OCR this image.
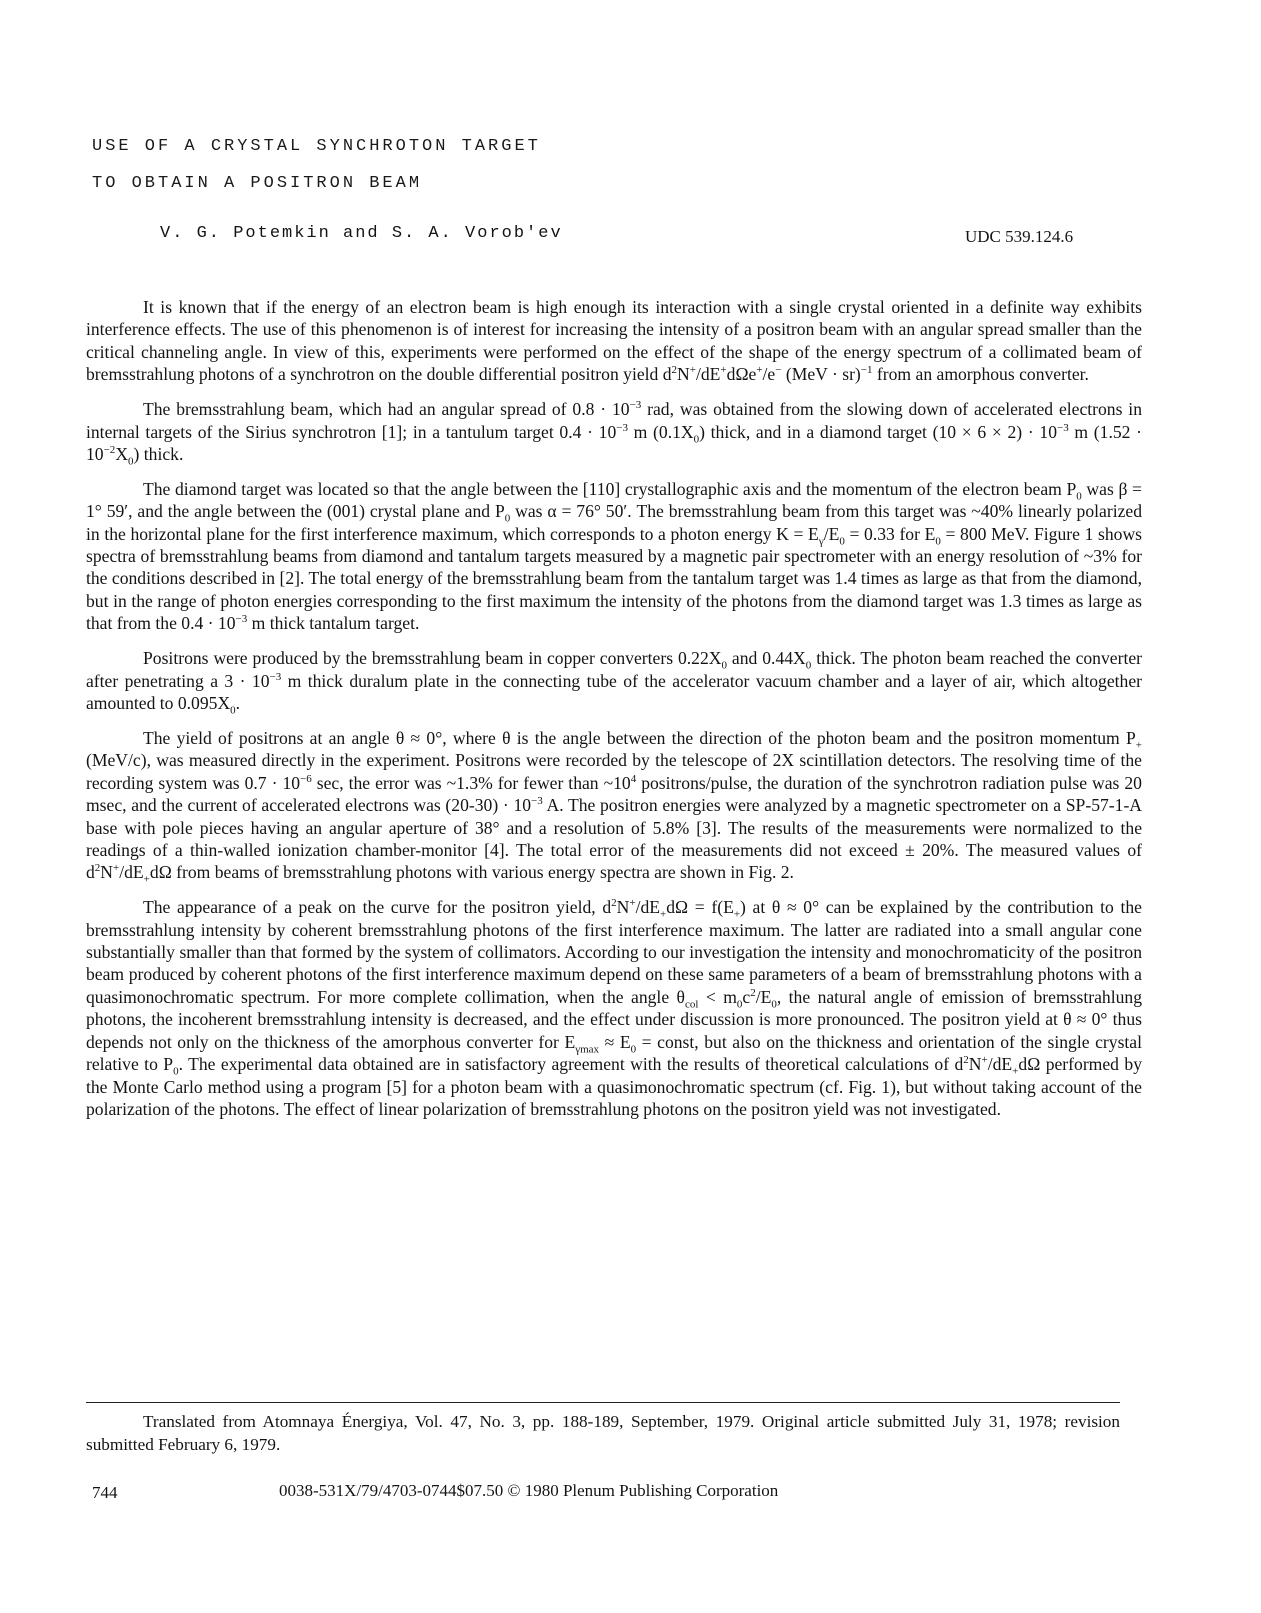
USE OF A CRYSTAL SYNCHROTON TARGET
TO OBTAIN A POSITRON BEAM
V. G. Potemkin and S. A. Vorob'ev	UDC 539.124.6

It is known that if the energy of an electron beam is high enough its interaction with a single crystal oriented in a definite way exhibits interference effects. The use of this phenomenon is of interest for increasing the intensity of a positron beam with an angular spread smaller than the critical channeling angle. In view of this, experiments were performed on the effect of the shape of the energy spectrum of a collimated beam of bremsstrahlung photons of a synchrotron on the double differential positron yield $d^2N^+/dE^+d\Omega e^+/e^-$ (MeV · sr)$^{-1}$ from an amorphous converter.

The bremsstrahlung beam, which had an angular spread of $0.8 \cdot 10^{-3}$ rad, was obtained from the slowing down of accelerated electrons in internal targets of the Sirius synchrotron [1]; in a tantulum target $0.4 \cdot 10^{-3}$ m $(0.1X_0)$ thick, and in a diamond target $(10 \times 6 \times 2) \cdot 10^{-3}$ m $(1.52 \cdot 10^{-2}X_0)$ thick.

The diamond target was located so that the angle between the [110] crystallographic axis and the momentum of the electron beam $P_0$ was β = 1° 59′, and the angle between the (001) crystal plane and $P_0$ was α = 76° 50′. The bremsstrahlung beam from this target was ~40% linearly polarized in the horizontal plane for the first interference maximum, which corresponds to a photon energy $K = E_\gamma/E_0 = 0.33$ for $E_0 = 800$ MeV. Figure 1 shows spectra of bremsstrahlung beams from diamond and tantalum targets measured by a magnetic pair spectrometer with an energy resolution of ~3% for the conditions described in [2]. The total energy of the bremsstrahlung beam from the tantalum target was 1.4 times as large as that from the diamond, but in the range of photon energies corresponding to the first maximum the intensity of the photons from the diamond target was 1.3 times as large as that from the $0.4 \cdot 10^{-3}$ m thick tantalum target.

Positrons were produced by the bremsstrahlung beam in copper converters $0.22X_0$ and $0.44X_0$ thick. The photon beam reached the converter after penetrating a $3 \cdot 10^{-3}$ m thick duralum plate in the connecting tube of the accelerator vacuum chamber and a layer of air, which altogether amounted to $0.095X_0$.

The yield of positrons at an angle θ ≈ 0°, where θ is the angle between the direction of the photon beam and the positron momentum $P_+$ (MeV/c), was measured directly in the experiment. Positrons were recorded by the telescope of 2X scintillation detectors. The resolving time of the recording system was $0.7 \cdot 10^{-6}$ sec, the error was ~1.3% for fewer than $\sim 10^4$ positrons/pulse, the duration of the synchrotron radiation pulse was 20 msec, and the current of accelerated electrons was $(20-30) \cdot 10^{-3}$ A. The positron energies were analyzed by a magnetic spectrometer on a SP-57-1-A base with pole pieces having an angular aperture of 38° and a resolution of 5.8% [3]. The results of the measurements were normalized to the readings of a thin-walled ionization chamber-monitor [4]. The total error of the measurements did not exceed ± 20%. The measured values of $d^2N^+/dE_+d\Omega$ from beams of bremsstrahlung photons with various energy spectra are shown in Fig. 2.

The appearance of a peak on the curve for the positron yield, $d^2N^+/dE_+d\Omega = f(E_+)$ at θ ≈ 0° can be explained by the contribution to the bremsstrahlung intensity by coherent bremsstrahlung photons of the first interference maximum. The latter are radiated into a small angular cone substantially smaller than that formed by the system of collimators. According to our investigation the intensity and monochromaticity of the positron beam produced by coherent photons of the first interference maximum depend on these same parameters of a beam of bremsstrahlung photons with a quasimonochromatic spectrum. For more complete collimation, when the angle $\theta_{col} < m_0c^2/E_0$, the natural angle of emission of bremsstrahlung photons, the incoherent bremsstrahlung intensity is decreased, and the effect under discussion is more pronounced. The positron yield at θ ≈ 0° thus depends not only on the thickness of the amorphous converter for $E_{\gamma max} \approx E_0$ = const, but also on the thickness and orientation of the single crystal relative to $P_0$. The experimental data obtained are in satisfactory agreement with the results of theoretical calculations of $d^2N^+/dE_+d\Omega$ performed by the Monte Carlo method using a program [5] for a photon beam with a quasimonochromatic spectrum (cf. Fig. 1), but without taking account of the polarization of the photons. The effect of linear polarization of bremsstrahlung photons on the positron yield was not investigated.

Translated from Atomnaya Énergiya, Vol. 47, No. 3, pp. 188-189, September, 1979. Original article submitted July 31, 1978; revision submitted February 6, 1979.
744	0038-531X/79/4703-0744$07.50 © 1980 Plenum Publishing Corporation
